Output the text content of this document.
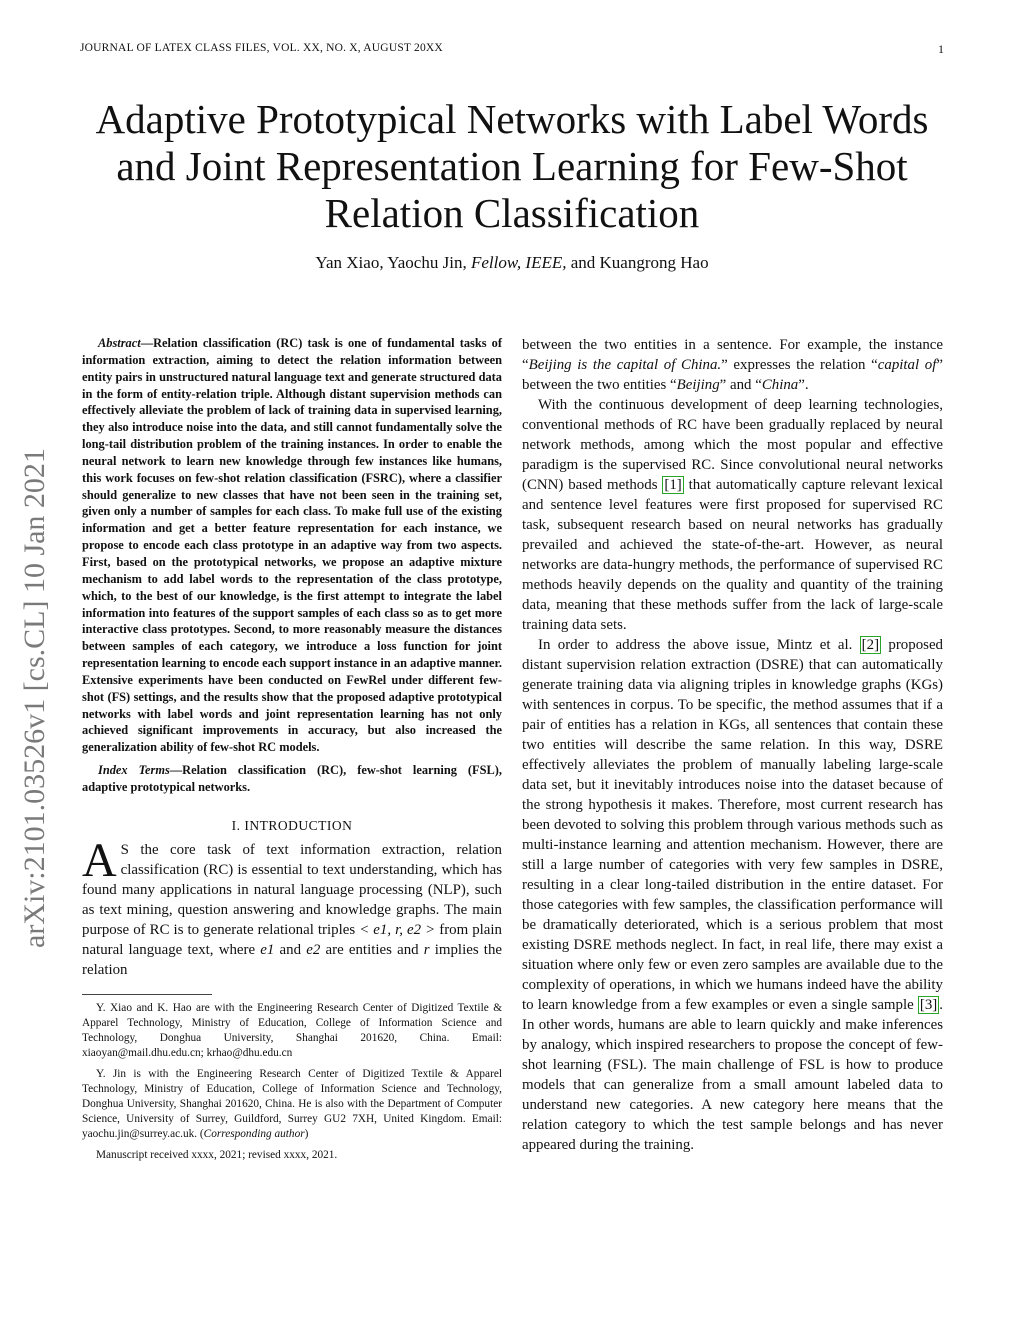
JOURNAL OF LATEX CLASS FILES, VOL. XX, NO. X, AUGUST 20XX	1
arXiv:2101.03526v1 [cs.CL] 10 Jan 2021
Adaptive Prototypical Networks with Label Words
and Joint Representation Learning for Few-Shot
Relation Classification
Yan Xiao, Yaochu Jin, Fellow, IEEE, and Kuangrong Hao

Abstract—Relation classification (RC) task is one of fundamental tasks of information extraction, aiming to detect the relation information between entity pairs in unstructured natural language text and generate structured data in the form of entity-relation triple. Although distant supervision methods can effectively alleviate the problem of lack of training data in supervised learning, they also introduce noise into the data, and still cannot fundamentally solve the long-tail distribution problem of the training instances. In order to enable the neural network to learn new knowledge through few instances like humans, this work focuses on few-shot relation classification (FSRC), where a classifier should generalize to new classes that have not been seen in the training set, given only a number of samples for each class. To make full use of the existing information and get a better feature representation for each instance, we propose to encode each class prototype in an adaptive way from two aspects. First, based on the prototypical networks, we propose an adaptive mixture mechanism to add label words to the representation of the class prototype, which, to the best of our knowledge, is the first attempt to integrate the label information into features of the support samples of each class so as to get more interactive class prototypes. Second, to more reasonably measure the distances between samples of each category, we introduce a loss function for joint representation learning to encode each support instance in an adaptive manner. Extensive experiments have been conducted on FewRel under different few-shot (FS) settings, and the results show that the proposed adaptive prototypical networks with label words and joint representation learning has not only achieved significant improvements in accuracy, but also increased the generalization ability of few-shot RC models.

Index Terms—Relation classification (RC), few-shot learning (FSL), adaptive prototypical networks.

I. INTRODUCTION

A S the core task of text information extraction, relation classification (RC) is essential to text understanding, which has found many applications in natural language processing (NLP), such as text mining, question answering and knowledge graphs. The main purpose of RC is to generate relational triples < e1, r, e2 > from plain natural language text, where e1 and e2 are entities and r implies the relation

Y. Xiao and K. Hao are with the Engineering Research Center of Digitized Textile & Apparel Technology, Ministry of Education, College of Information Science and Technology, Donghua University, Shanghai 201620, China. Email: xiaoyan@mail.dhu.edu.cn; krhao@dhu.edu.cn

Y. Jin is with the Engineering Research Center of Digitized Textile & Apparel Technology, Ministry of Education, College of Information Science and Technology, Donghua University, Shanghai 201620, China. He is also with the Department of Computer Science, University of Surrey, Guildford, Surrey GU2 7XH, United Kingdom. Email: yaochu.jin@surrey.ac.uk. (Corresponding author)

Manuscript received xxxx, 2021; revised xxxx, 2021.

between the two entities in a sentence. For example, the instance “Beijing is the capital of China.” expresses the relation “capital of” between the two entities “Beijing” and “China”.

With the continuous development of deep learning technologies, conventional methods of RC have been gradually replaced by neural network methods, among which the most popular and effective paradigm is the supervised RC. Since convolutional neural networks (CNN) based methods [1] that automatically capture relevant lexical and sentence level features were first proposed for supervised RC task, subsequent research based on neural networks has gradually prevailed and achieved the state-of-the-art. However, as neural networks are data-hungry methods, the performance of supervised RC methods heavily depends on the quality and quantity of the training data, meaning that these methods suffer from the lack of large-scale training data sets.

In order to address the above issue, Mintz et al. [2] proposed distant supervision relation extraction (DSRE) that can automatically generate training data via aligning triples in knowledge graphs (KGs) with sentences in corpus. To be specific, the method assumes that if a pair of entities has a relation in KGs, all sentences that contain these two entities will describe the same relation. In this way, DSRE effectively alleviates the problem of manually labeling large-scale data set, but it inevitably introduces noise into the dataset because of the strong hypothesis it makes. Therefore, most current research has been devoted to solving this problem through various methods such as multi-instance learning and attention mechanism. However, there are still a large number of categories with very few samples in DSRE, resulting in a clear long-tailed distribution in the entire dataset. For those categories with few samples, the classification performance will be dramatically deteriorated, which is a serious problem that most existing DSRE methods neglect. In fact, in real life, there may exist a situation where only few or even zero samples are available due to the complexity of operations, in which we humans indeed have the ability to learn knowledge from a few examples or even a single sample [3] . In other words, humans are able to learn quickly and make inferences by analogy, which inspired researchers to propose the concept of few-shot learning (FSL). The main challenge of FSL is how to produce models that can generalize from a small amount labeled data to understand new categories. A new category here means that the relation category to which the test sample belongs and has never appeared during the training.
